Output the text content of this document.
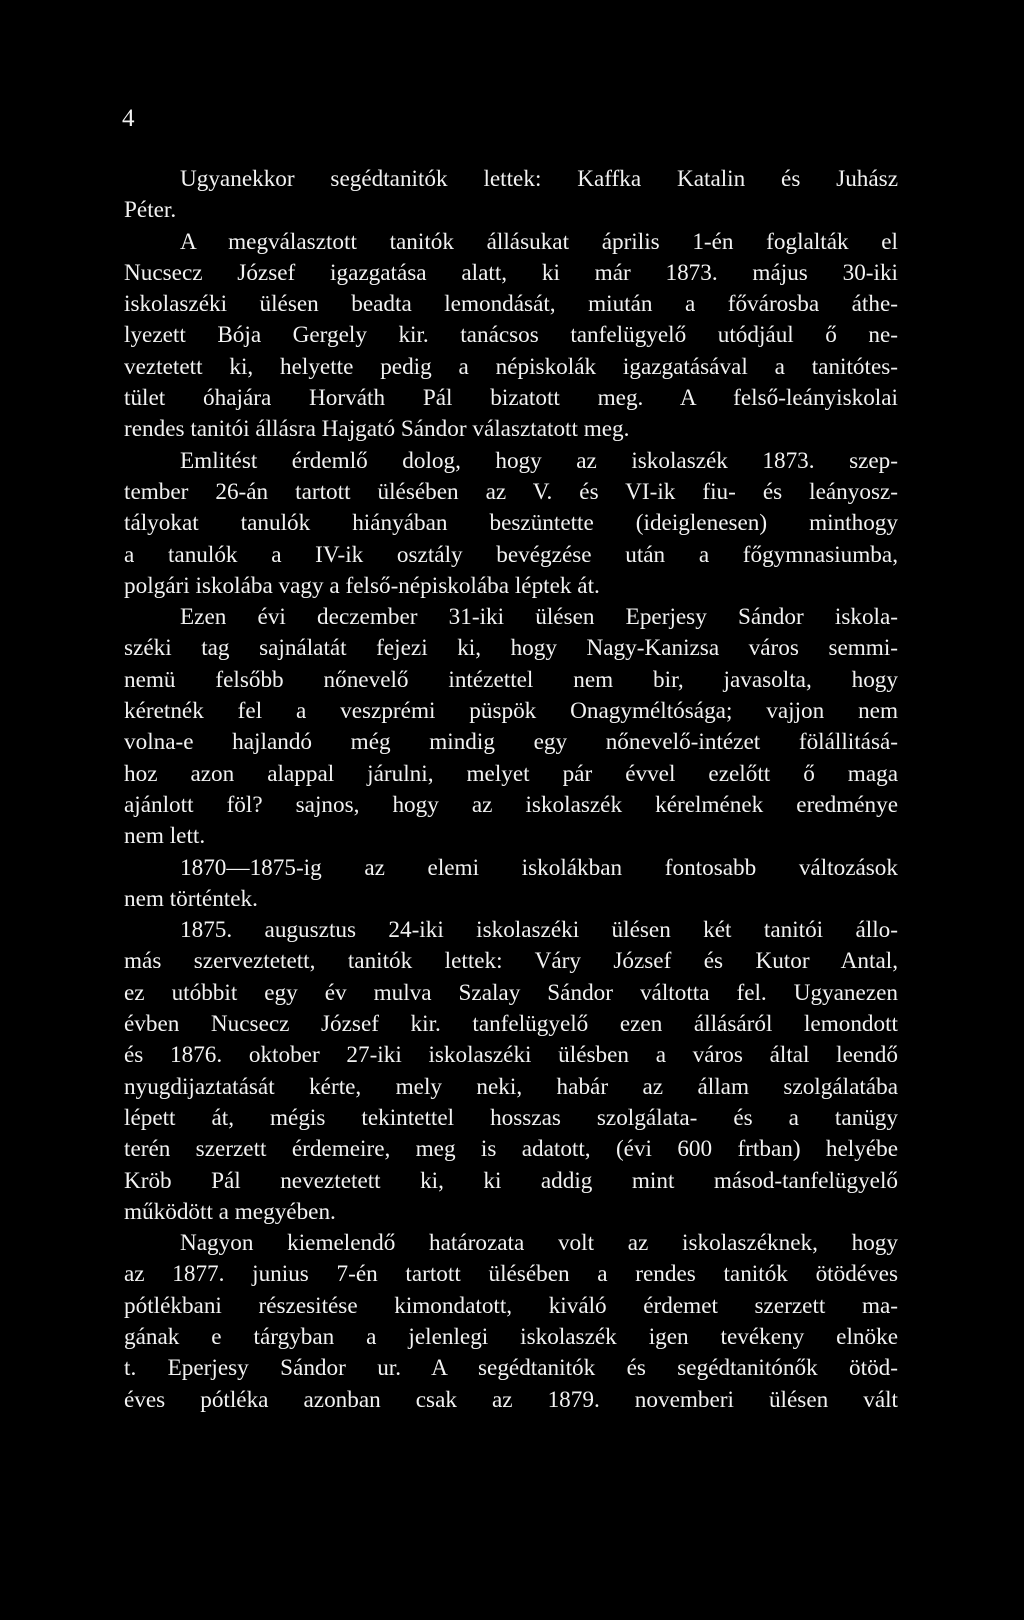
4
Ugyanekkor segédtanitók lettek: Kaffka Katalin és Juhász
Péter.
A megválasztott tanitók állásukat április 1-én foglalták el
Nucsecz József igazgatása alatt, ki már 1873. május 30-iki
iskolaszéki ülésen beadta lemondását, miután a fővárosba áthe-
lyezett Bója Gergely kir. tanácsos tanfelügyelő utódjául ő ne-
veztetett ki, helyette pedig a népiskolák igazgatásával a tanitótes-
tület óhajára Horváth Pál bizatott meg. A felső-leányiskolai
rendes tanitói állásra Hajgató Sándor választatott meg.
Emlitést érdemlő dolog, hogy az iskolaszék 1873. szep-
tember 26-án tartott ülésében az V. és VI-ik fiu- és leányosz-
tályokat tanulók hiányában beszüntette (ideiglenesen) minthogy
a tanulók a IV-ik osztály bevégzése után a főgymnasiumba,
polgári iskolába vagy a felső-népiskolába léptek át.
Ezen évi deczember 31-iki ülésen Eperjesy Sándor iskola-
széki tag sajnálatát fejezi ki, hogy Nagy-Kanizsa város semmi-
nemü felsőbb nőnevelő intézettel nem bir, javasolta, hogy
kéretnék fel a veszprémi püspök Onagyméltósága; vajjon nem
volna-e hajlandó még mindig egy nőnevelő-intézet fölállitásá-
hoz azon alappal járulni, melyet pár évvel ezelőtt ő maga
ajánlott föl? sajnos, hogy az iskolaszék kérelmének eredménye
nem lett.
1870—1875-ig az elemi iskolákban fontosabb változások
nem történtek.
1875. augusztus 24-iki iskolaszéki ülésen két tanitói állo-
más szerveztetett, tanitók lettek: Váry József és Kutor Antal,
ez utóbbit egy év mulva Szalay Sándor váltotta fel. Ugyanezen
évben Nucsecz József kir. tanfelügyelő ezen állásáról lemondott
és 1876. oktober 27-iki iskolaszéki ülésben a város által leendő
nyugdijaztatását kérte, mely neki, habár az állam szolgálatába
lépett át, mégis tekintettel hosszas szolgálata- és a tanügy
terén szerzett érdemeire, meg is adatott, (évi 600 frtban) helyébe
Kröb Pál neveztetett ki, ki addig mint másod-tanfelügyelő
működött a megyében.
Nagyon kiemelendő határozata volt az iskolaszéknek, hogy
az 1877. junius 7-én tartott ülésében a rendes tanitók ötödéves
pótlékbani részesitése kimondatott, kiváló érdemet szerzett ma-
gának e tárgyban a jelenlegi iskolaszék igen tevékeny elnöke
t. Eperjesy Sándor ur. A segédtanitók és segédtanitónők ötöd-
éves pótléka azonban csak az 1879. novemberi ülésen vált
